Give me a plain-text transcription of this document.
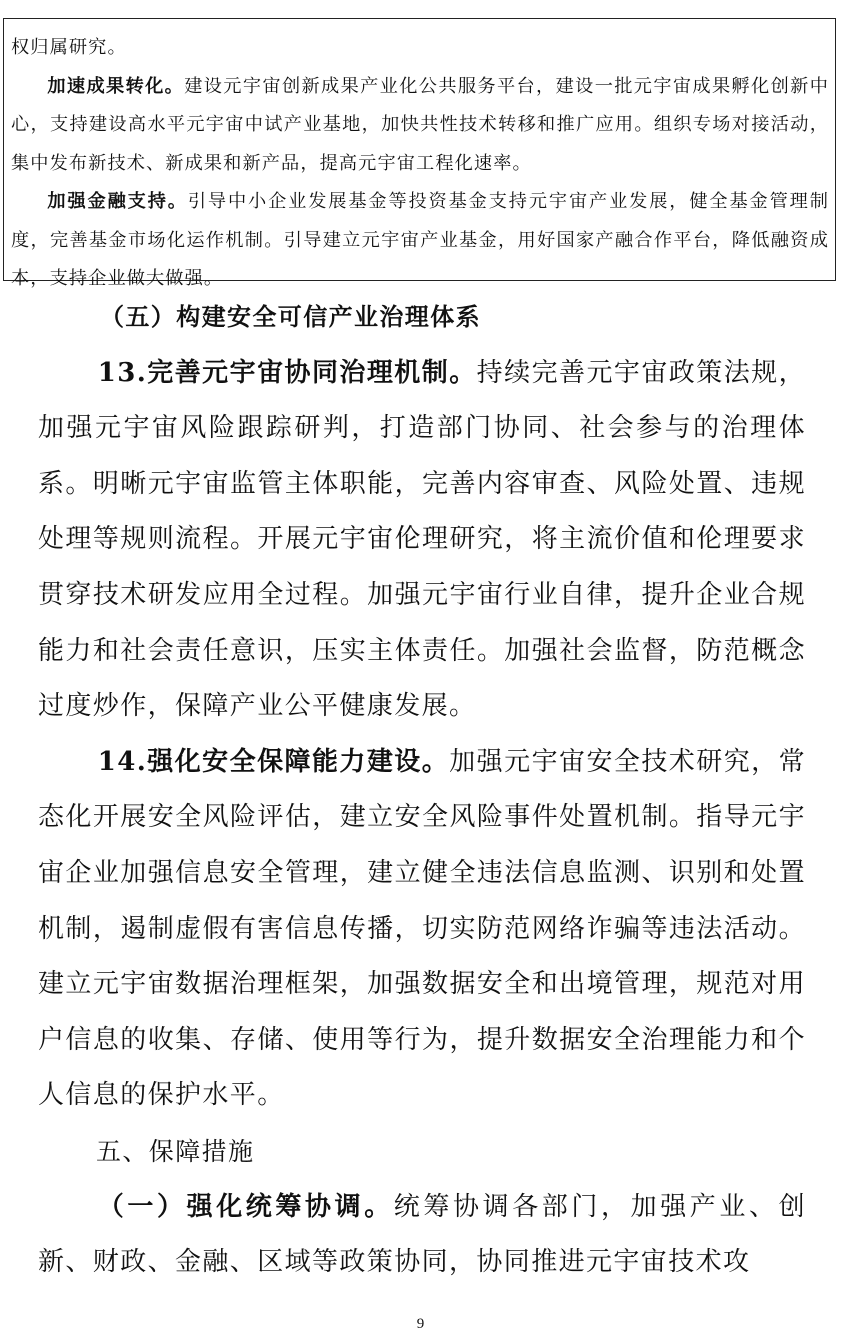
权归属研究。

加速成果转化。建设元宇宙创新成果产业化公共服务平台，建设一批元宇宙成果孵化创新中心，支持建设高水平元宇宙中试产业基地，加快共性技术转移和推广应用。组织专场对接活动，集中发布新技术、新成果和新产品，提高元宇宙工程化速率。

加强金融支持。引导中小企业发展基金等投资基金支持元宇宙产业发展，健全基金管理制度，完善基金市场化运作机制。引导建立元宇宙产业基金，用好国家产融合作平台，降低融资成本，支持企业做大做强。

（五）构建安全可信产业治理体系

13.完善元宇宙协同治理机制。持续完善元宇宙政策法规，加强元宇宙风险跟踪研判，打造部门协同、社会参与的治理体系。明晰元宇宙监管主体职能，完善内容审查、风险处置、违规处理等规则流程。开展元宇宙伦理研究，将主流价值和伦理要求贯穿技术研发应用全过程。加强元宇宙行业自律，提升企业合规能力和社会责任意识，压实主体责任。加强社会监督，防范概念过度炒作，保障产业公平健康发展。

14.强化安全保障能力建设。加强元宇宙安全技术研究，常态化开展安全风险评估，建立安全风险事件处置机制。指导元宇宙企业加强信息安全管理，建立健全违法信息监测、识别和处置机制，遏制虚假有害信息传播，切实防范网络诈骗等违法活动。建立元宇宙数据治理框架，加强数据安全和出境管理，规范对用户信息的收集、存储、使用等行为，提升数据安全治理能力和个人信息的保护水平。

五、保障措施

（一）强化统筹协调。统筹协调各部门，加强产业、创新、财政、金融、区域等政策协同，协同推进元宇宙技术攻

9
